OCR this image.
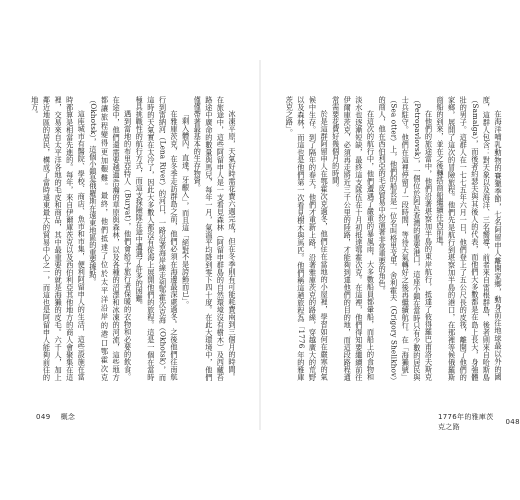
冰凍平原，天氣好時需花費六週完成，但在冬季則有可能耗費兩到三個月的時間。在旅途中，這些阿留申人是一支看見森林（阿留申群島的自然環境沒有樹木）及西藏苔路途中廣命的數量與馬兒，每年一月，氣溫平均降到零下四十度。在此大環境中，他們僅僅帶著最基本的生存物資。

「剩入體內，直達，牙齦入」，而且這「絕對不是誇飾而已」。

在雅庫茨克，在冬季走訪群島之前，他們必須在海邊最深處過冬。之後他們往南航行到雷納河（Lena River）的河口，一路沿著海岸線走到鄂霍次克海（Okhotsk），而這時的天氣實在太冷了，因此大多數人都沒有從海上展開他們的旅程。這是一個在當時極具挑戰性的航行方式，而這支探險隊在途中遭遇了許多的困難。

遇到當地的布里亞特人（Buryat），他們會給予旅行者保暖的衣物和必要的飲食。在途中，他們還需要越過浩瀚的草原與森林，以及各種的沼澤和冰凍的河流，這些地方都讓旅程變得更加艱難。最終，他們抵達了位於太平洋沿岸的港口鄂霍次克（Okhotsk），這個小鎮是俄羅斯在遠東地區的重要據點。

這座城市有醫院、學校、商店、魚市和市集，便利阿留申人的生活，這些設施在當時都算是相當先進的。每年，來自伊爾庫茨克以及西伯利亞其他地方的商人會聚集在這裡，交易來自太平洋各地的毛皮和商品，其中最重要的就是海獺的皮毛。六千人，加上鄰近地區的居民，構成了當時遠東最大的貿易中心之一，而這也是阿留申人能夠前往的地方。

049 概念

在海洋哺乳動物的賽獵季節，七名阿留申人離開家鄉，動身前往地球最以外的國度，這群人包含：對天象以及海洋、三名嚮導，前者來自雷根群島，後者則來自哈斯島（Samalga），而後者約瑟夫與其後人的代表，而他們大多數都是在島上長大，身強體壯的男子。這群人在一七七五年六月一日，他們登上了五公尺長的皮筏，離開了他們的家鄉，展開了這次的冒險旅程。他們先是航行到堪察加半島的港口，在那裡等候俄羅斯商船的到來，並在之後轉搭商船繼續往西前進。

在他們的旅途當中，他們沿著堪察加半島的東岸航行，抵達了彼得羅巴甫洛夫斯克（Petropavlovsk），一個位於阿瓦查灣的重要港口，這座小鎮在當時只有少數的居民與士兵駐守。他們在這裡停留了一段時間，等待天氣轉好之後再繼續航行。在「海獺號」（Sea otter）上，他們的船長是一位名叫格里戈里．舍利霍夫（Grigory Shelikhov）的商人，他在西伯利亞的毛皮貿易中扮演著非常重要的角色。

在這次的航行中，他們遭遇了嚴重的暴風雨，大多數船員都暈船，而船上的食物和淡水也逐漸短缺，最終這支隊伍在十月初抵達鄂霍次克。在這裡，他們得知要繼續前往伊爾庫茨克，必須再走將近三千公里的陸路，才能夠到達他們的目的地，而這段路程通常需要花費好幾個月的時間。

於是這群阿留申人在鄂霍次克過冬，他們住在當地的小屋裡，學習如何在嚴寒的氣候中生存。到了隔年的春天，他們才重新上路，沿著雅庫茨克的路線，穿越廣大的荒野以及森林，而這也是他們第一次看見樹木與馬匹。他們稱這趟旅程為「1776 年的雅庫茨克之路」。

1776年的雅庫茨克之路
048
